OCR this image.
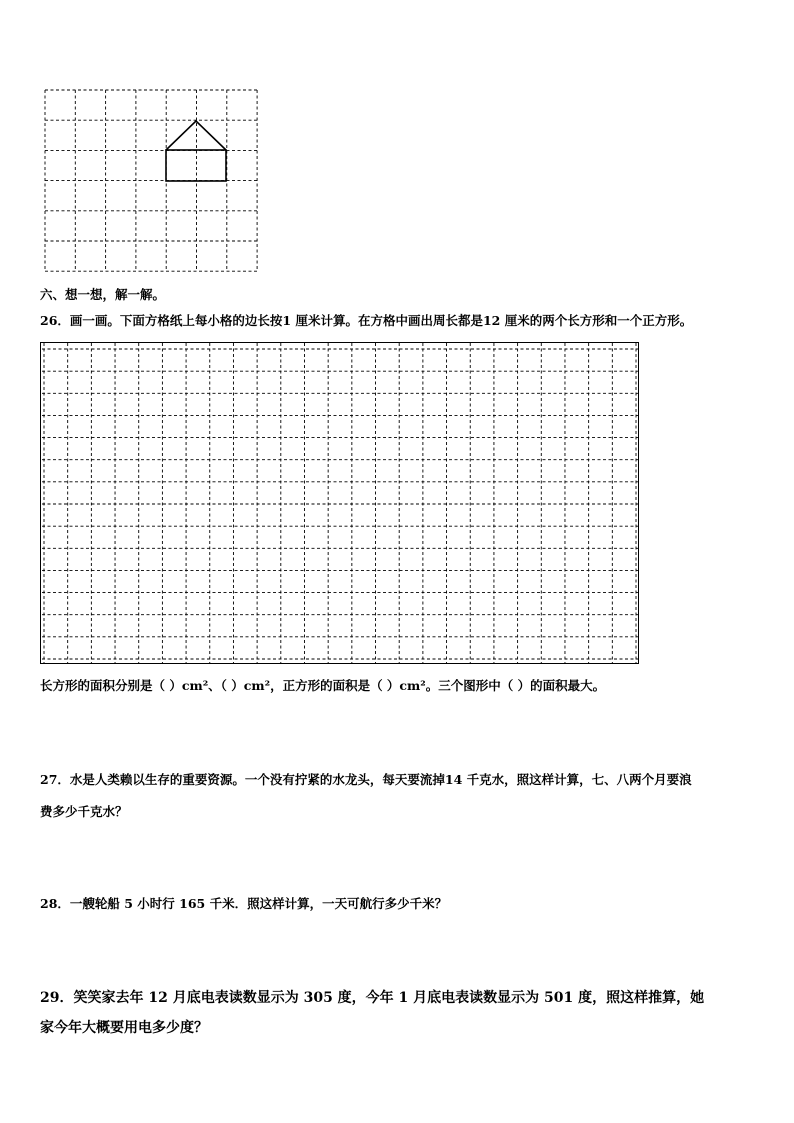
六、想一想，解一解。
26．画一画。下面方格纸上每小格的边长按1 厘米计算。在方格中画出周长都是12 厘米的两个长方形和一个正方形。
长方形的面积分别是（ ）cm²、（ ）cm²，正方形的面积是（ ）cm²。三个图形中（ ）的面积最大。
27．水是人类赖以生存的重要资源。一个没有拧紧的水龙头，每天要流掉14 千克水，照这样计算，七、八两个月要浪
费多少千克水？
28．一艘轮船 5 小时行 165 千米．照这样计算，一天可航行多少千米？
29．笑笑家去年 12 月底电表读数显示为 305 度，今年 1 月底电表读数显示为 501 度，照这样推算，她
家今年大概要用电多少度？
